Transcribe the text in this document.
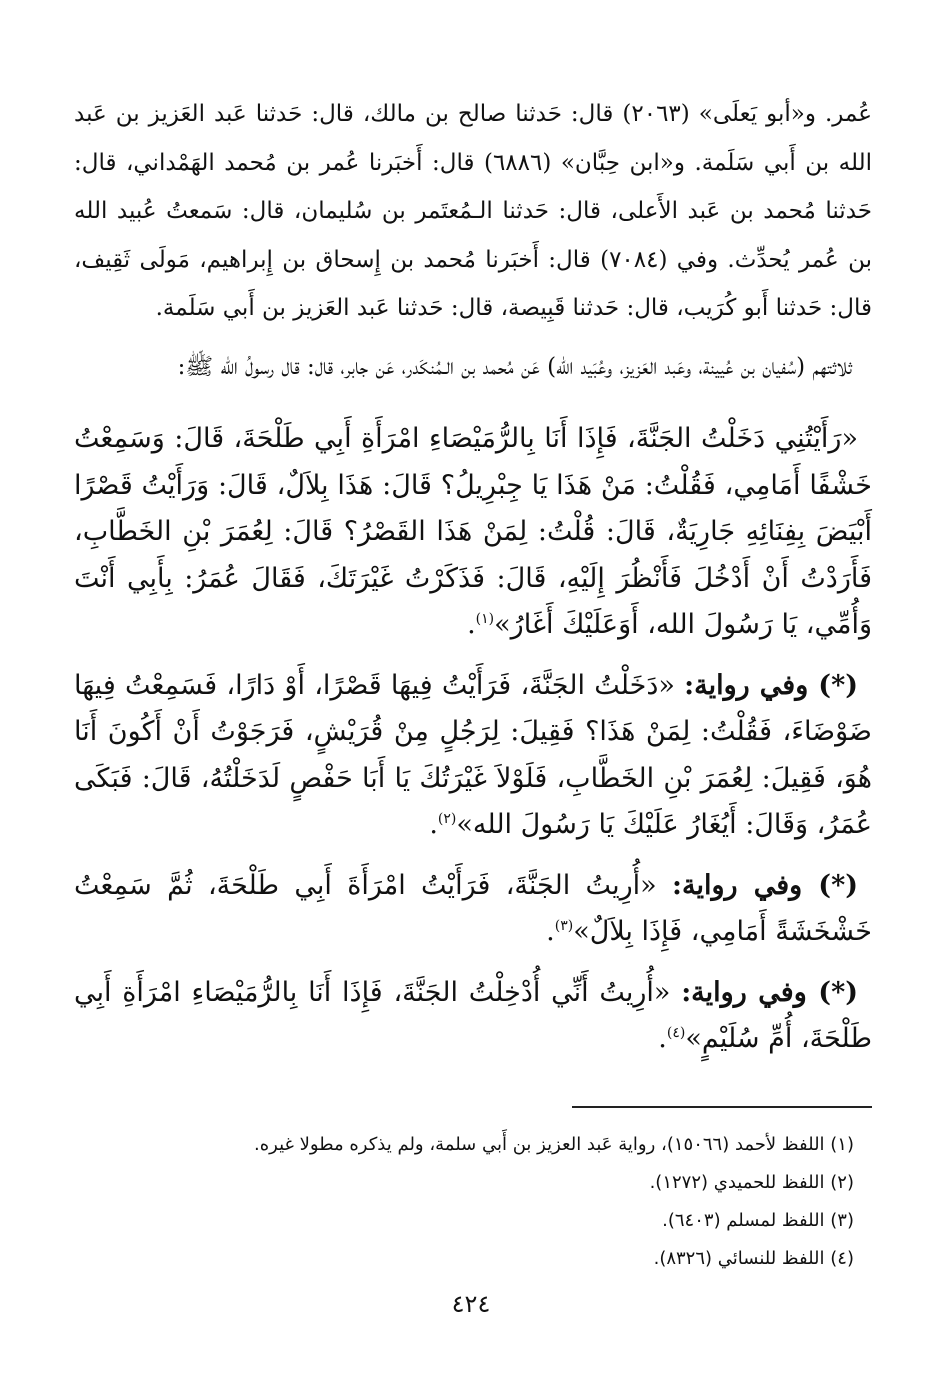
عُمر. و«أبو يَعلَى» (٢٠٦٣) قال: حَدثنا صالح بن مالك، قال: حَدثنا عَبد العَزيز بن عَبد الله بن أَبي سَلَمة. و«ابن حِبَّان» (٦٨٨٦) قال: أَخبَرنا عُمر بن مُحمد الهَمْداني، قال: حَدثنا مُحمد بن عَبد الأَعلى، قال: حَدثنا الـمُعتَمر بن سُليمان، قال: سَمعتُ عُبيد الله بن عُمر يُحدِّث. وفي (٧٠٨٤) قال: أَخبَرنا مُحمد بن إِسحاق بن إِبراهيم، مَولَى ثَقِيف، قال: حَدثنا أَبو كُرَيب، قال: حَدثنا قَبِيصة، قال: حَدثنا عَبد العَزيز بن أَبي سَلَمة.

ثلاثتهم (سُفيان بن عُيينة، وعَبد العَزيز، وعُبَيد الله) عَن مُحمد بن الـمُنكَدر، عَن جابر، قال: قال رسولُ الله ﷺ:

«رَأَيْتُنِي دَخَلْتُ الجَنَّةَ، فَإِذَا أَنَا بِالرُّمَيْصَاءِ امْرَأَةِ أَبِي طَلْحَةَ، قَالَ: وَسَمِعْتُ خَشْفًا أَمَامِي، فَقُلْتُ: مَنْ هَذَا يَا جِبْرِيلُ؟ قَالَ: هَذَا بِلاَلٌ، قَالَ: وَرَأَيْتُ قَصْرًا أَبْيَضَ بِفِنَائِهِ جَارِيَةٌ، قَالَ: قُلْتُ: لِمَنْ هَذَا القَصْرُ؟ قَالَ: لِعُمَرَ بْنِ الخَطَّابِ، فَأَرَدْتُ أَنْ أَدْخُلَ فَأَنْظُرَ إِلَيْهِ، قَالَ: فَذَكَرْتُ غَيْرَتَكَ، فَقَالَ عُمَرُ: بِأَبِي أَنْتَ وَأُمِّي، يَا رَسُولَ الله، أَوَعَلَيْكَ أَغَارُ»$^{(١)}$.

(*) وفي رواية: «دَخَلْتُ الجَنَّةَ، فَرَأَيْتُ فِيهَا قَصْرًا، أَوْ دَارًا، فَسَمِعْتُ فِيهَا ضَوْضَاءَ، فَقُلْتُ: لِمَنْ هَذَا؟ فَقِيلَ: لِرَجُلٍ مِنْ قُرَيْشٍ، فَرَجَوْتُ أَنْ أَكُونَ أَنَا هُوَ، فَقِيلَ: لِعُمَرَ بْنِ الخَطَّابِ، فَلَوْلاَ غَيْرَتُكَ يَا أَبَا حَفْصٍ لَدَخَلْتُهُ، قَالَ: فَبَكَى عُمَرُ، وَقَالَ: أَيُغَارُ عَلَيْكَ يَا رَسُولَ الله»$^{(٢)}$.

(*) وفي رواية: «أُرِيتُ الجَنَّةَ، فَرَأَيْتُ امْرَأَةَ أَبِي طَلْحَةَ، ثُمَّ سَمِعْتُ خَشْخَشَةً أَمَامِي، فَإِذَا بِلاَلٌ»$^{(٣)}$.

(*) وفي رواية: «أُرِيتُ أَنِّي أُدْخِلْتُ الجَنَّةَ، فَإِذَا أَنَا بِالرُّمَيْصَاءِ امْرَأَةِ أَبِي طَلْحَةَ، أُمِّ سُلَيْمٍ»$^{(٤)}$.

(١) اللفظ لأحمد (١٥٠٦٦)، رواية عَبد العزيز بن أَبي سلمة، ولم يذكره مطولا غيره.
(٢) اللفظ للحميدي (١٢٧٢).
(٣) اللفظ لمسلم (٦٤٠٣).
(٤) اللفظ للنسائي (٨٣٢٦).
٤٢٤
